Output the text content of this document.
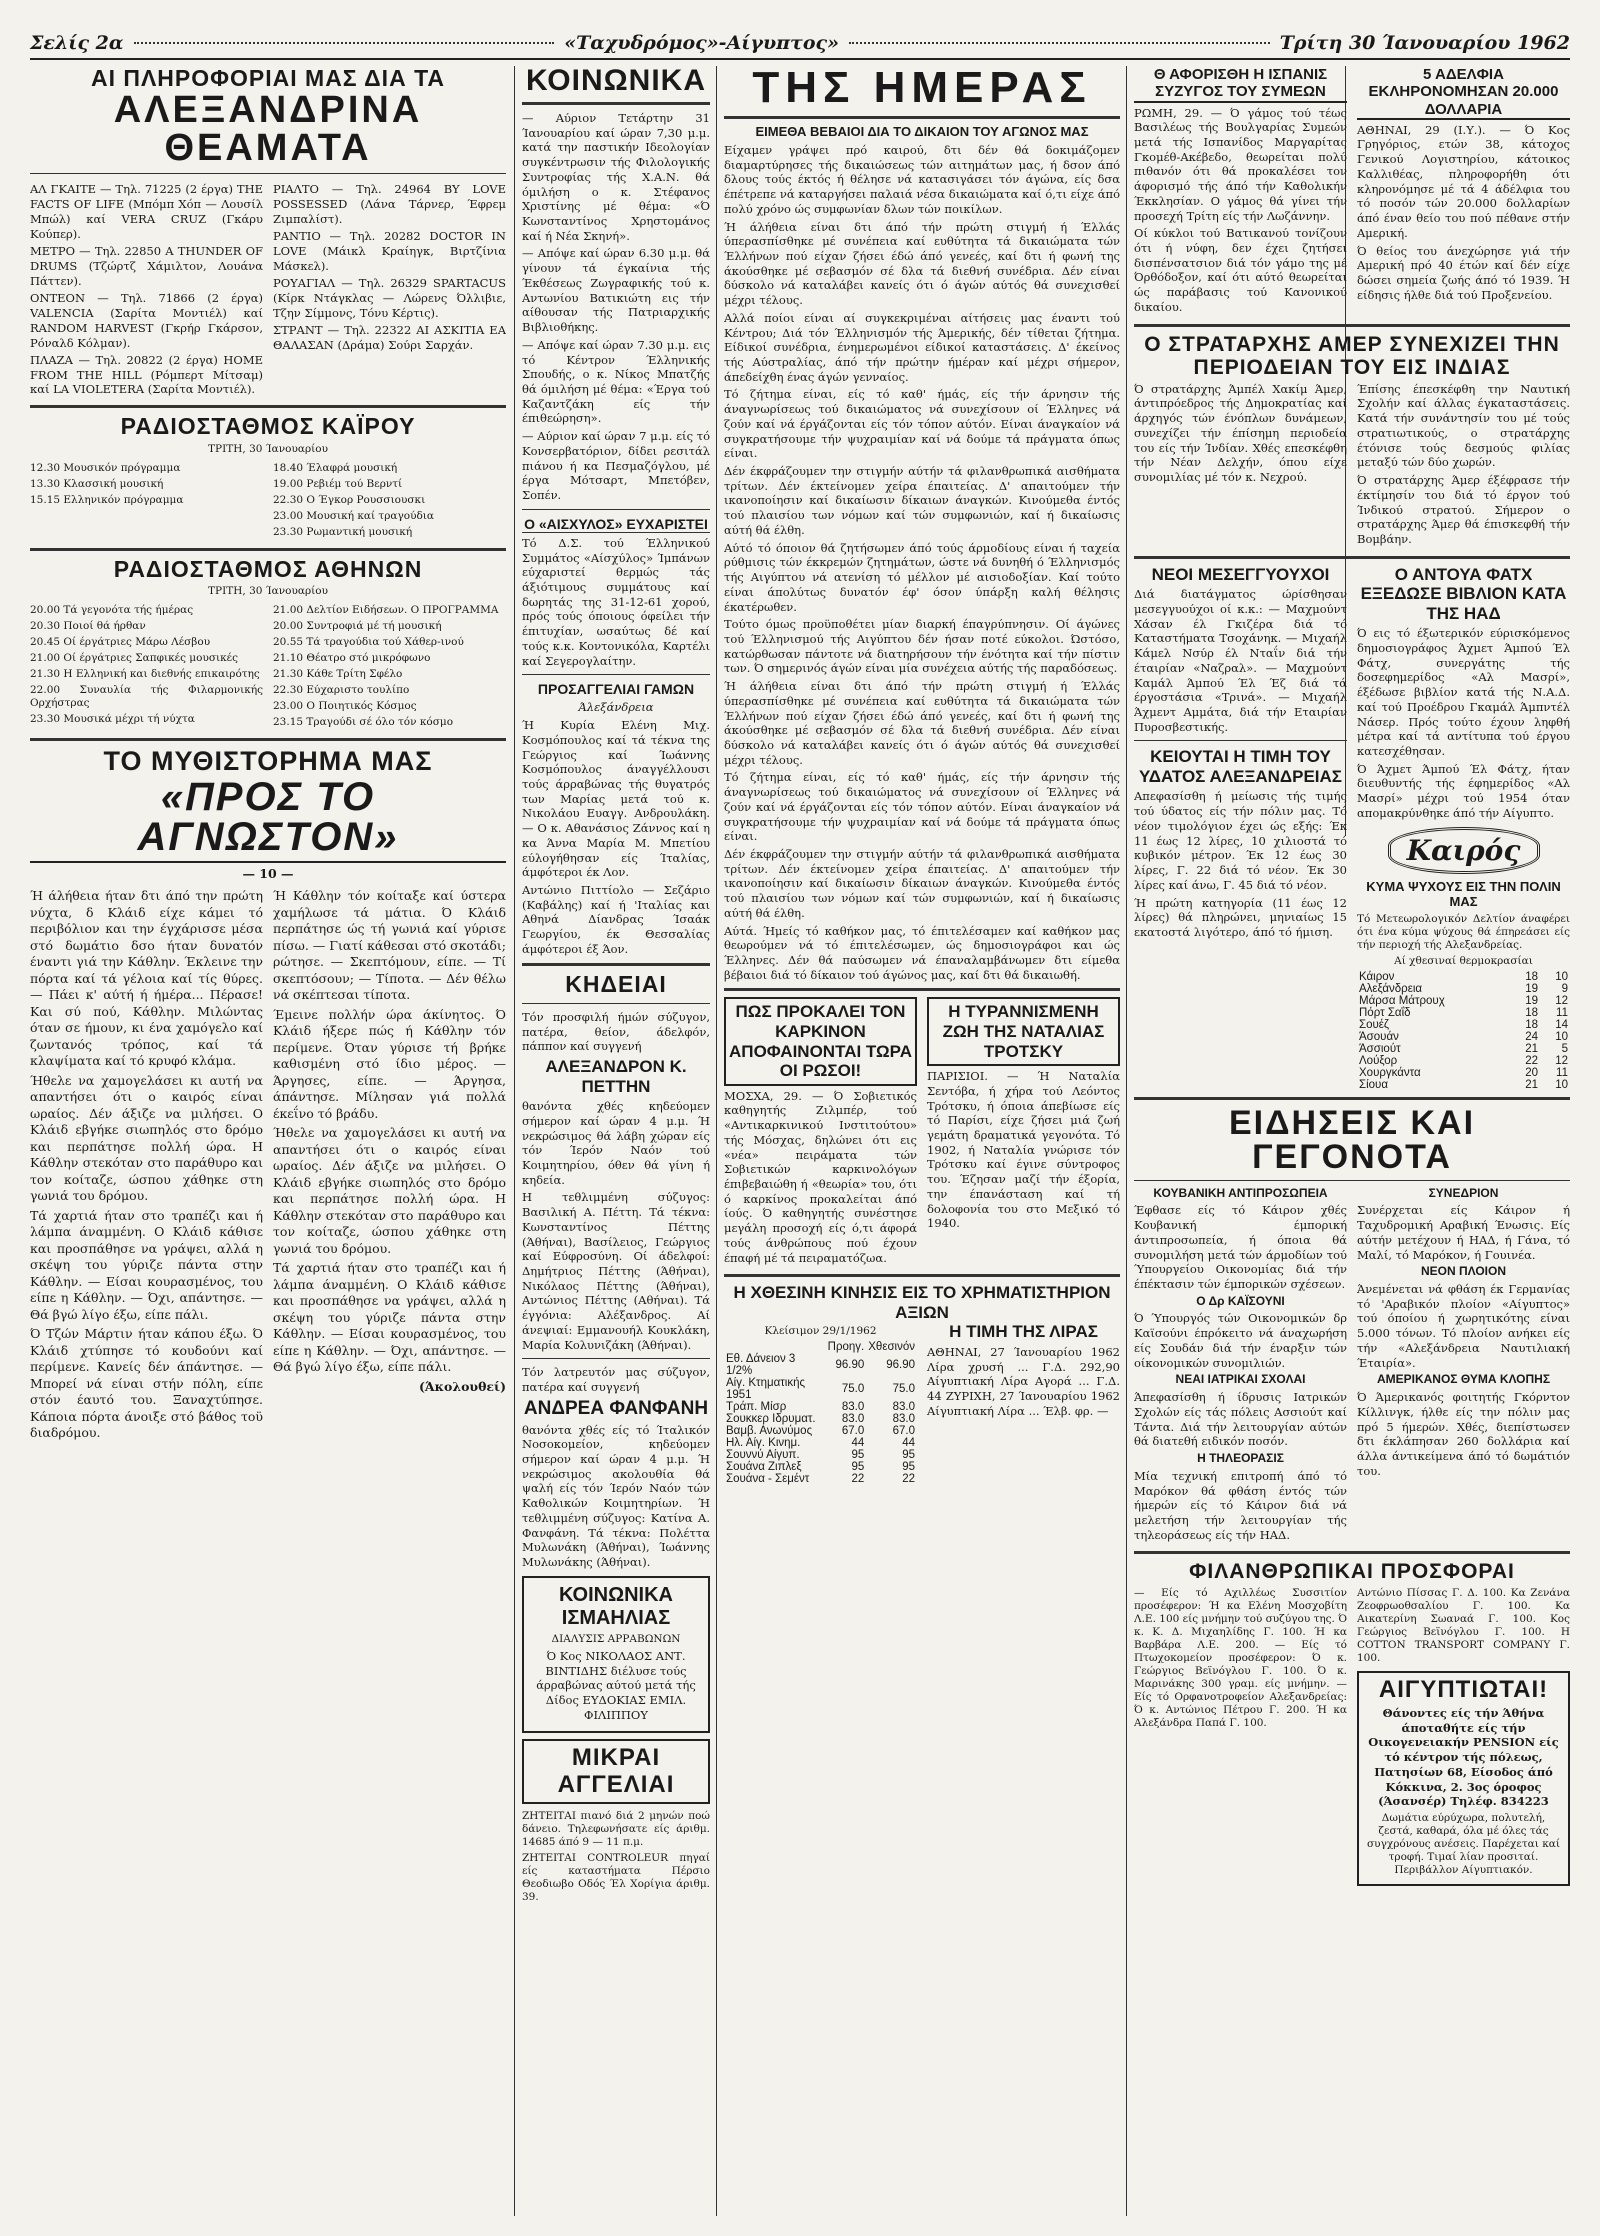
Σελίς 2α	«Ταχυδρόμος»-Αίγυπτος»	Τρίτη 30 Ίανουαρίου 1962
ΑΙ ΠΛΗΡΟΦΟΡΙΑΙ ΜΑΣ ΔΙΑ ΤΑ
ΑΛΕΞΑΝΔΡΙΝΑ ΘΕΑΜΑΤΑ

ΑΛ ΓΚΑΙΤΕ — Τηλ. 71225 (2 έργα) THE FACTS OF LIFE (Μπόμπ Χόπ — Λουσίλ Μπώλ) καί VERA CRUZ (Γκάρυ Κούπερ).

ΜΕΤΡΟ — Τηλ. 22850 A THUNDER OF DRUMS (Τζώρτζ Χάμιλτον, Λουάνα Πάττεν).

ΟΝΤΕΟΝ — Τηλ. 71866 (2 έργα) VALENCIA (Σαρίτα Μοντιέλ) καί RANDOM HARVEST (Γκρήρ Γκάρσον, Ρόναλδ Κόλμαν).

ΠΛΑΖΑ — Τηλ. 20822 (2 έργα) HOME FROM THE HILL (Ρόμπερτ Μίτσαμ) καί LA VIOLETERA (Σαρίτα Μοντιέλ).

ΡΙΑΛΤΟ — Τηλ. 24964 BY LOVE POSSESSED (Λάνα Τάρνερ, Έφρεμ Ζιμπαλίστ).

ΡΑΝΤΙΟ — Τηλ. 20282 DOCTOR IN LOVE (Μάικλ Κραίηγκ, Βιρτζίνια Μάσκελ).

ΡΟΥΑΓΙΑΛ — Τηλ. 26329 SPARTACUS (Κίρκ Ντάγκλας — Λώρενς Όλλιβιε, Τζην Σίμμονς, Τόνυ Κέρτις).

ΣΤΡΑΝΤ — Τηλ. 22322 ΑΙ ΑΣΚΙΤΙΑ ΕΑ ΘΑΛΑΣΑΝ (Δράμα) Σούρι Σαρχάν.

ΡΑΔΙΟΣΤΑΘΜΟΣ ΚΑΪΡΟΥ

ΤΡΙΤΗ, 30 Ίανουαρίου

12.30 Μουσικόν πρόγραμμα

13.30 Κλασσική μουσική

15.15 Ελληνικόν πρόγραμμα

18.40 Έλαφρά μουσική

19.00 Ρεβιέμ τού Βερντί

22.30 Ο Έγκορ Ρουσσιουσκι

23.00 Μουσική καί τραγούδια

23.30 Ρωμαντική μουσική

ΡΑΔΙΟΣΤΑΘΜΟΣ ΑΘΗΝΩΝ

ΤΡΙΤΗ, 30 Ίανουαρίου

20.00 Τά γεγονότα τής ήμέρας

20.30 Ποιοί θά ήρθαν

20.45 Οί έργάτριες Μάρω Λέσβου

21.00 Οί έργάτριες Σαπφικές μουσικές

21.30 Η Ελληνική και διεθνής επικαιρότης

22.00 Συναυλία τής Φιλαρμονικής Ορχήστρας

23.30 Μουσικά μέχρι τή νύχτα

21.00 Δελτίον Ειδήσεων. Ο ΠΡΟΓΡΑΜΜΑ

20.00 Συντροφιά μέ τή μουσική

20.55 Τά τραγούδια τού Χάθερ-ινού

21.10 Θέατρο στό μικρόφωνο

21.30 Κάθε Τρίτη Σφέλο

22.30 Εύχαριστο τουλίπο

23.00 Ο Ποιητικός Κόσμος

23.15 Τραγούδι σέ όλο τόν κόσμο

ΤΟ ΜΥΘΙΣΤΟΡΗΜΑ ΜΑΣ
«ΠΡΟΣ ΤΟ ΑΓΝΩΣΤΟΝ»

— 10 —

Ή άλήθεια ήταν δτι άπό την πρώτη νύχτα, δ Κλάιδ είχε κάμει τό περιβόλιον και την έγχάρισσε μέσα στό δωμάτιο δσο ήταν δυνατόν έναντι γιά την Κάθλην. Έκλεινε την πόρτα καί τά γέλοια καί τίς θύρες. — Πάει κ' αύτή ή ήμέρα... Πέρασε! Και σύ πού, Κάθλην. Μιλώντας όταν σε ήμουν, κι ένα χαμόγελο καί ζωντανός τρόπος, καί τά κλαψίματα καί τό κρυφό κλάμα.

Ήθελε να χαμογελάσει κι αυτή να απαντήσει ότι ο καιρός είναι ωραίος. Δέν άξιζε να μιλήσει. Ο Κλάιδ εβγήκε σιωπηλός στο δρόμο και περπάτησε πολλή ώρα. Η Κάθλην στεκόταν στο παράθυρο και τον κοίταζε, ώσπου χάθηκε στη γωνιά του δρόμου.

Τά χαρτιά ήταν στο τραπέζι και ή λάμπα άναμμένη. Ο Κλάιδ κάθισε και προσπάθησε να γράψει, αλλά η σκέψη του γύριζε πάντα στην Κάθλην. — Είσαι κουρασμένος, του είπε η Κάθλην. — Όχι, απάντησε. — Θά βγώ λίγο έξω, είπε πάλι.

Ό Τζών Μάρτιν ήταν κάπου έξω. Ό Κλάιδ χτύπησε τό κουδούνι καί περίμενε. Κανείς δέν άπάντησε. — Μπορεί νά είναι στήν πόλη, είπε στόν έαυτό του. Ξαναχτύπησε. Κάποια πόρτα άνοιξε στό βάθος τοϋ διαδρόμου.

Ή Κάθλην τόν κοίταξε καί ύστερα χαμήλωσε τά μάτια. Ό Κλάιδ περπάτησε ώς τή γωνιά καί γύρισε πίσω. — Γιατί κάθεσαι στό σκοτάδι; ρώτησε. — Σκεπτόμουν, είπε. — Τί σκεπτόσουν; — Τίποτα. — Δέν θέλω νά σκέπτεσαι τίποτα.

Έμεινε πολλήν ώρα άκίνητος. Ό Κλάιδ ήξερε πώς ή Κάθλην τόν περίμενε. Όταν γύρισε τή βρήκε καθισμένη στό ίδιο μέρος. — Άργησες, είπε. — Άργησα, άπάντησε. Μίλησαν γιά πολλά έκεΐνο τό βράδυ.

Ήθελε να χαμογελάσει κι αυτή να απαντήσει ότι ο καιρός είναι ωραίος. Δέν άξιζε να μιλήσει. Ο Κλάιδ εβγήκε σιωπηλός στο δρόμο και περπάτησε πολλή ώρα. Η Κάθλην στεκόταν στο παράθυρο και τον κοίταζε, ώσπου χάθηκε στη γωνιά του δρόμου.

Τά χαρτιά ήταν στο τραπέζι και ή λάμπα άναμμένη. Ο Κλάιδ κάθισε και προσπάθησε να γράψει, αλλά η σκέψη του γύριζε πάντα στην Κάθλην. — Είσαι κουρασμένος, του είπε η Κάθλην. — Όχι, απάντησε. — Θά βγώ λίγο έξω, είπε πάλι.

(Άκολουθεί)

ΚΟΙΝΩΝΙΚΑ

— Αύριον Τετάρτην 31 Ίανουαρίου καί ώραν 7,30 μ.μ. κατά την παστικήν Ιδεολογίαν συγκέντρωσιν τής Φιλολογικής Συντροφίας τής Χ.Α.Ν. θά όμιλήση ο κ. Στέφανος Χριστίνης μέ θέμα: «Ό Κωνσταντίνος Χρηστομάνος καί ή Νέα Σκηνή».

— Απόψε καί ώραν 6.30 μ.μ. θά γίνουν τά έγκαίνια τής Έκθέσεως Ζωγραφικής τού κ. Αντωνίου Βατικιώτη εις τήν αίθουσαν τής Πατριαρχικής Βιβλιοθήκης.

— Απόψε καί ώραν 7.30 μ.μ. εις τό Κέντρον Έλληνικής Σπουδής, ο κ. Νίκος Μπατζής θά όμιλήση μέ θέμα: «Έργα τού Καζαντζάκη είς τήν έπιθεώρηση».

— Αύριον καί ώραν 7 μ.μ. είς τό Κονσερβατόριον, δίδει ρεσιτάλ πιάνου ή κα Πεσμαζόγλου, μέ έργα Μότσαρτ, Μπετόβεν, Σοπέν.

Ο «ΑΙΣΧΥΛΟΣ» ΕΥΧΑΡΙΣΤΕΙ

Τό Δ.Σ. τού Έλληνικού Συμμάτος «Αίσχύλος» Ίμπάνων εύχαριστεί θερμώς τάς άξιότιμους συμμάτους καί δωρητάς της 31-12-61 χορού, πρός τούς όποιους όφείλει τήν έπιτυχίαν, ωσαύτως δέ καί τούς κ.κ. Κοντονικόλα, Καρτέλι καί Σεγερογλαίτην.

ΠΡΟΣΑΓΓΕΛΙΑΙ ΓΑΜΩΝ

Άλεξάνδρεια

Ή Κυρία Ελένη Μιχ. Κοσμόπουλος καί τά τέκνα της Γεώργιος καί Ίωάννης Κοσμόπουλος άναγγέλλουσι τούς άρραβώνας τής θυγατρός των Μαρίας μετά τού κ. Νικολάου Ευαγγ. Ανδρουλάκη. — Ο κ. Αθανάσιος Ζάννος καί η κα Άννα Μαρία Μ. Μπετίου εύλογήθησαν είς Ίταλίας, άμφότεροι έκ Λον.

Αντώνιο Πιττίολο — Σεζάριο (Καβάλης) καί ή 'Ιταλίας και Αθηνά Δίανδρας Ίσαάκ Γεωργίου, έκ Θεσσαλίας άμφότεροι έξ Άον.

ΚΗΔΕΙΑΙ

Τόν προσφιλή ήμών σύζυγον, πατέρα, θείον, άδελφόν, πάππον καί συγγενή

ΑΛΕΞΑΝΔΡΟΝ Κ. ΠΕΤΤΗΝ

θανόντα χθές κηδεύομεν σήμερον καί ώραν 4 μ.μ. Ή νεκρώσιμος θά λάβη χώραν είς τόν Ίερόν Ναόν τού Κοιμητηρίου, όθεν θά γίνη ή κηδεία.

Η τεθλιμμένη σύζυγος: Βασιλική Α. Πέττη. Τά τέκνα: Κωνσταντίνος Πέττης (Άθήναι), Βασίλειος, Γεώργιος καί Εύφροσύνη. Οί άδελφοί: Δημήτριος Πέττης (Άθήναι), Νικόλαος Πέττης (Άθήναι), Αντώνιος Πέττης (Αθήναι). Τά έγγόνια: Αλέξανδρος. Αί άνεψιαί: Εμμανουήλ Κουκλάκη, Μαρία Κολυνιζάκη (Άθήναι).

Τόν λατρευτόν μας σύζυγον, πατέρα καί συγγενή

ΑΝΔΡΕΑ ΦΑΝΦΑΝΗ

θανόντα χθές είς τό Ίταλικόν Νοσοκομείον, κηδεύομεν σήμερον καί ώραν 4 μ.μ. Ή νεκρώσιμος ακολουθία θά ψαλή είς τόν Ίερόν Ναόν τών Καθολικών Κοιμητηρίων. Ή τεθλιμμένη σύζυγος: Κατίνα Α. Φανφάνη. Τά τέκνα: Πολέττα Μυλωνάκη (Άθήναι), Ίωάννης Μυλωνάκης (Άθήναι).

ΚΟΙΝΩΝΙΚΑ ΙΣΜΑΗΛΙΑΣ

ΔΙΑΛΥΣΙΣ ΑΡΡΑΒΩΝΩΝ

Ό Κος ΝΙΚΟΛΑΟΣ ΑΝΤ. ΒΙΝΤΙΔΗΣ διέλυσε τούς άρραβώνας αύτού μετά τής Δίδος ΕΥΔΟΚΙΑΣ ΕΜΙΛ. ΦΙΛΙΠΠΟΥ

ΜΙΚΡΑΙ ΑΓΓΕΛΙΑΙ

ΖΗΤΕΙΤΑΙ πιανό διά 2 μηνών ποώ δάνειο. Τηλεφωνήσατε είς άριθμ. 14685 άπό 9 — 11 π.μ.

ΖΗΤΕΙΤΑΙ CONTROLEUR πηγαί είς καταστήματα Πέρσιο Θεοδιωβο Οδός Έλ Χορίγια άριθμ. 39.

ΤΗΣ ΗΜΕΡΑΣ
ΕΙΜΕΘΑ ΒΕΒΑΙΟΙ ΔΙΑ ΤΟ ΔΙΚΑΙΟΝ ΤΟΥ ΑΓΩΝΟΣ ΜΑΣ

Είχαμεν γράψει πρό καιρού, δτι δέν θά δοκιμάζομεν διαμαρτύρησες τής δικαιώσεως τών αιτημάτων μας, ή δσον άπό δλους τούς έκτός ή θέλησε νά κατασιγάσει τόν άγώνα, είς δσα έπέτρεπε νά καταργήσει παλαιά νέσα δικαιώματα καί ό,τι είχε άπό πολύ χρόνο ώς συμφωνίαν δλων τών ποικίλων.

Ή άλήθεια είναι δτι άπό τήν πρώτη στιγμή ή Έλλάς ύπερασπίσθηκε μέ συνέπεια καί ευθύτητα τά δικαιώματα τών Έλλήνων πού είχαν ζήσει έδώ άπό γενεές, καί δτι ή φωνή της άκούσθηκε μέ σεβασμόν σέ δλα τά διεθνή συνέδρια. Δέν είναι δύσκολο νά καταλάβει κανείς ότι ό άγών αύτός θά συνεχισθεί μέχρι τέλους.

Αλλά ποίοι είναι αί συγκεκριμέναι αίτήσεις μας έναντι τού Κέντρου; Διά τόν Έλληνισμόν τής Άμερικής, δέν τίθεται ζήτημα. Είδικοί συνέδρια, ένημερωμένοι είδικοί καταστάσεις. Δ' έκείνος τής Αύστραλίας, άπό τήν πρώτην ήμέραν καί μέχρι σήμερον, άπεδείχθη ένας άγών γενναίος.

Τό ζήτημα είναι, είς τό καθ' ήμάς, είς τήν άρνησιν τής άναγνωρίσεως τού δικαιώματος νά συνεχίσουν οί Έλληνες νά ζούν καί νά έργάζονται είς τόν τόπον αύτόν. Είναι άναγκαίον νά συγκρατήσουμε τήν ψυχραιμίαν καί νά δούμε τά πράγματα όπως είναι.

Δέν έκφράζουμεν την στιγμήν αύτήν τά φιλανθρωπικά αισθήματα τρίτων. Δέν έκτείνομεν χείρα έπαιτείας. Δ' απαιτούμεν τήν ικανοποίησιν καί δικαίωσιν δίκαιων άναγκών. Κινούμεθα έντός τού πλαισίου των νόμων καί τών συμφωνιών, καί ή δικαίωσις αύτή θά έλθη.

Αύτό τό όποιον θά ζητήσωμεν άπό τούς άρμοδίους είναι ή ταχεία ρύθμισις τών έκκρεμών ζητημάτων, ώστε νά δυνηθή ό Έλληνισμός τής Αιγύπτου νά ατενίση τό μέλλον μέ αισιοδοξίαν. Καί τούτο είναι άπολύτως δυνατόν έφ' όσον ύπάρξη καλή θέλησις έκατέρωθεν.

Τούτο όμως προϋποθέτει μίαν διαρκή έπαγρύπνησιν. Οί άγώνες τού Έλληνισμού τής Αιγύπτου δέν ήσαν ποτέ εύκολοι. Ώστόσο, κατώρθωσαν πάντοτε νά διατηρήσουν τήν ένότητα καί τήν πίστιν των. Ό σημερινός άγών είναι μία συνέχεια αύτής τής παραδόσεως.

Ή άλήθεια είναι δτι άπό τήν πρώτη στιγμή ή Έλλάς ύπερασπίσθηκε μέ συνέπεια καί ευθύτητα τά δικαιώματα τών Έλλήνων πού είχαν ζήσει έδώ άπό γενεές, καί δτι ή φωνή της άκούσθηκε μέ σεβασμόν σέ δλα τά διεθνή συνέδρια. Δέν είναι δύσκολο νά καταλάβει κανείς ότι ό άγών αύτός θά συνεχισθεί μέχρι τέλους.

Τό ζήτημα είναι, είς τό καθ' ήμάς, είς τήν άρνησιν τής άναγνωρίσεως τού δικαιώματος νά συνεχίσουν οί Έλληνες νά ζούν καί νά έργάζονται είς τόν τόπον αύτόν. Είναι άναγκαίον νά συγκρατήσουμε τήν ψυχραιμίαν καί νά δούμε τά πράγματα όπως είναι.

Δέν έκφράζουμεν την στιγμήν αύτήν τά φιλανθρωπικά αισθήματα τρίτων. Δέν έκτείνομεν χείρα έπαιτείας. Δ' απαιτούμεν τήν ικανοποίησιν καί δικαίωσιν δίκαιων άναγκών. Κινούμεθα έντός τού πλαισίου των νόμων καί τών συμφωνιών, καί ή δικαίωσις αύτή θά έλθη.

Αύτά. Ήμείς τό καθήκον μας, τό έπιτελέσαμεν καί καθήκον μας θεωρούμεν νά τό έπιτελέσωμεν, ώς δημοσιογράφοι και ώς Έλληνες. Δέν θά παύσωμεν νά έπαναλαμβάνωμεν δτι είμεθα βέβαιοι διά τό δίκαιον τού άγώνος μας, καί δτι θά δικαιωθή.

ΠΩΣ ΠΡΟΚΑΛΕΙ ΤΟΝ ΚΑΡΚΙΝΟΝ ΑΠΟΦΑΙΝΟΝΤΑΙ ΤΩΡΑ ΟΙ ΡΩΣΟΙ!

ΜΟΣΧΑ, 29. — Ό Σοβιετικός καθηγητής Ζιλμπέρ, τού «Αντικαρκινικού Ινστιτούτου» τής Μόσχας, δηλώνει ότι εις «νέα» πειράματα τών Σοβιετικών καρκινολόγων έπιβεβαιώθη ή «θεωρία» του, ότι ό καρκίνος προκαλείται άπό ίούς. Ό καθηγητής συνέστησε μεγάλη προσοχή είς ό,τι άφορά τούς άνθρώπους πού έχουν έπαφή μέ τά πειραματόζωα.

Η ΤΥΡΑΝΝΙΣΜΕΝΗ ΖΩΗ ΤΗΣ ΝΑΤΑΛΙΑΣ ΤΡΟΤΣΚΥ

ΠΑΡΙΣΙΟΙ. — Ή Ναταλία Σεντόβα, ή χήρα τού Λεόντος Τρότσκυ, ή όποια άπεβίωσε είς τό Παρίσι, είχε ζήσει μιά ζωή γεμάτη δραματικά γεγονότα. Τό 1902, ή Ναταλία γνώρισε τόν Τρότσκυ καί έγινε σύντροφος του. Έζησαν μαζί τήν έξορία, την έπανάσταση καί τή δολοφονία του στο Μεξικό τό 1940.

Η ΧΘΕΣΙΝΗ ΚΙΝΗΣΙΣ ΕΙΣ ΤΟ ΧΡΗΜΑΤΙΣΤΗΡΙΟΝ ΑΞΙΩΝ

Κλείσιμον 29/1/1962

	Προηγ.	Χθεσινόν
Εθ. Δάνειον 3 1/2%	96.90	96.90
Αίγ. Κτηματικής 1951	75.0	75.0
Τράπ. Μίσρ	83.0	83.0
Σουκκερ Ιδρυματ.	83.0	83.0
Βαμβ. Ανωνύμος	67.0	67.0
Ηλ. Αίγ. Κινημ.	44	44
Σουννύ Αίγυπ.	95	95
Σουάνα Ζιπλεξ	95	95
Σουάνα - Σεμέντ	22	22
Η ΤΙΜΗ ΤΗΣ ΛΙΡΑΣ

ΑΘΗΝΑΙ, 27 Ίανουαρίου 1962 Λίρα χρυσή ... Γ.Δ. 292,90 Αίγυπτιακή Λίρα Αγορά ... Γ.Δ. 44 ΖΥΡΙΧΗ, 27 Ίανουαρίου 1962 Αίγυπτιακή Λίρα ... Έλβ. φρ. —

Θ ΑΦΟΡΙΣΘΗ Η ΙΣΠΑΝΙΣ ΣΥΖΥΓΟΣ ΤΟΥ ΣΥΜΕΩΝ

ΡΩΜΗ, 29. — Ό γάμος τού τέως Βασιλέως τής Βουλγαρίας Συμεών μετά τής Ισπανίδος Μαργαρίτας Γκομέθ-Ακέβεδο, θεωρείται πολύ πιθανόν ότι θά προκαλέσει τον άφορισμό τής άπό τήν Καθολικήν Έκκλησίαν. Ο γάμος θά γίνει τήν προσεχή Τρίτη είς τήν Λωζάννην.

Οί κύκλοι τού Βατικανού τονίζουν ότι ή νύφη, δεν έχει ζητήσει δισπένσατσιον διά τόν γάμο της μέ Όρθόδοξον, καί ότι αύτό θεωρείται ώς παράβασις τού Κανονικού δικαίου.

5 ΑΔΕΛΦΙΑ ΕΚΛΗΡΟΝΟΜΗΣΑΝ 20.000 ΔΟΛΛΑΡΙΑ

ΑΘΗΝΑΙ, 29 (Ι.Υ.). — Ό Κος Γρηγόριος, ετών 38, κάτοχος Γενικού Λογιστηρίου, κάτοικος Καλλιθέας, πληροφορήθη ότι κληρονόμησε μέ τά 4 άδέλφια του τό ποσόν τών 20.000 δολλαρίων άπό έναν θείο του πού πέθανε στήν Αμερική.

Ό θείος του άνεχώρησε γιά τήν Αμερική πρό 40 έτών καί δέν είχε δώσει σημεία ζωής άπό τό 1939. Ή είδησις ήλθε διά τού Προξενείου.

Ο ΣΤΡΑΤΑΡΧΗΣ ΑΜΕΡ ΣΥΝΕΧΙΖΕΙ ΤΗΝ ΠΕΡΙΟΔΕΙΑΝ ΤΟΥ ΕΙΣ ΙΝΔΙΑΣ

Ό στρατάρχης Άμπέλ Χακίμ Άμερ, άντιπρόεδρος τής Δημοκρατίας καί άρχηγός τών ένόπλων δυνάμεων, συνεχίζει τήν έπίσημη περιοδεία του είς τήν Ίνδίαν. Χθές επεσκέφθη τήν Νέαν Δελχήν, όπου είχε συνομιλίας μέ τόν κ. Νεχρού.

Έπίσης έπεσκέφθη την Ναυτική Σχολήν καί άλλας έγκαταστάσεις. Κατά τήν συνάντησίν του μέ τούς στρατιωτικούς, ο στρατάρχης έτόνισε τούς δεσμούς φιλίας μεταξύ τών δύο χωρών.

Ό στρατάρχης Άμερ έξέφρασε τήν έκτίμησίν του διά τό έργον τού Ίνδικού στρατού. Σήμερον ο στρατάρχης Άμερ θά έπισκεφθή τήν Βομβάην.

ΝΕΟΙ ΜΕΣΕΓΓΥΟΥΧΟΙ

Διά διατάγματος ώρίσθησαν μεσεγγυούχοι οί κ.κ.: — Μαχμούντ Χάσαν έλ Γκιζέρα διά τό Καταστήματα Τσοχάνηκ. — Μιχαήλ Κάμελ Νσύρ έλ Νταΐν διά τήν έταιρίαν «Ναζραλ». — Μαχμούντ Καμάλ Άμπού Έλ Έζ διά τά έργοστάσια «Τρινά». — Μιχαήλ Άχμεντ Αμμάτα, διά τήν Εταιρίαν Πυροσβεστικής.

ΚΕΙΟΥΤΑΙ Η ΤΙΜΗ ΤΟΥ ΥΔΑΤΟΣ ΑΛΕΞΑΝΔΡΕΙΑΣ

Απεφασίσθη ή μείωσις τής τιμής τού ύδατος είς τήν πόλιν μας. Τό νέον τιμολόγιον έχει ώς εξής: Έκ 11 έως 12 λίρες, 10 χιλιοστά τό κυβικόν μέτρον. Έκ 12 έως 30 λίρες, Γ. 22 διά τό νέον. Έκ 30 λίρες καί άνω, Γ. 45 διά τό νέον.

Ή πρώτη κατηγορία (11 έως 12 λίρες) θά πληρώνει, μηνιαίως 15 εκατοστά λιγότερο, άπό τό ήμιση.

Ο ΑΝΤΟΥΑ ΦΑΤΧ ΕΞΕΔΩΣΕ ΒΙΒΛΙΟΝ ΚΑΤΑ ΤΗΣ ΗΑΔ

Ό εις τό έξωτερικόν εύρισκόμενος δημοσιογράφος Άχμετ Άμπού Έλ Φάτχ, συνεργάτης τής δοσεφημερίδος «Αλ Μασρί», έξέδωσε βιβλίον κατά τής Ν.Α.Δ. καί τού Προέδρου Γκαμάλ Άμπντέλ Νάσερ. Πρός τούτο έχουν ληφθή μέτρα καί τά αντίτυπα τού έργου κατεσχέθησαν.

Ό Άχμετ Άμπού Έλ Φάτχ, ήταν διευθυντής τής έφημερίδος «Αλ Μασρί» μέχρι τού 1954 όταν απομακρύνθηκε άπό τήν Αίγυπτο.

Καιρός
ΚΥΜΑ ΨΥΧΟΥΣ ΕΙΣ ΤΗΝ ΠΟΛΙΝ ΜΑΣ

Τό Μετεωρολογικόν Δελτίον άναφέρει ότι ένα κύμα ψύχους θά έπηρεάσει είς τήν περιοχή τής Αλεξανδρείας.

Αί χθεσιναί θερμοκρασίαι

Κάιρον	18	10
Αλεξάνδρεια	19	9
Μάρσα Μάτρουχ	19	12
Πόρτ Σαΐδ	18	11
Σουέζ	18	14
Άσουάν	24	10
Άσσιούτ	21	5
Λούξορ	22	12
Χουργκάντα	20	11
Σίουα	21	10
ΕΙΔΗΣΕΙΣ ΚΑΙ ΓΕΓΟΝΟΤΑ
ΚΟΥΒΑΝΙΚΗ ΑΝΤΙΠΡΟΣΩΠΕΙΑ

Έφθασε είς τό Κάιρον χθές Κουβανική έμπορική άντιπροσωπεία, ή όποια θά συνομιλήση μετά τών άρμοδίων τού Ύπουργείου Οικονομίας διά τήν έπέκτασιν τών έμπορικών σχέσεων.

Ο Δρ ΚΑΪΣΟΥΝΙ

Ό Ύπουργός τών Οικονομικών δρ Καϊσούνι έπρόκειτο νά άναχωρήση είς Σουδάν διά τήν έναρξιν τών οίκονομικών συνομιλιών.

ΝΕΑΙ ΙΑΤΡΙΚΑΙ ΣΧΟΛΑΙ

Άπεφασίσθη ή ίδρυσις Ιατρικών Σχολών είς τάς πόλεις Ασσιούτ καί Τάντα. Διά τήν λειτουργίαν αύτών θά διατεθή ειδικόν ποσόν.

Η ΤΗΛΕΟΡΑΣΙΣ

Μία τεχνική επιτροπή άπό τό Μαρόκον θά φθάση έντός τών ήμερών είς τό Κάιρον διά νά μελετήση τήν λειτουργίαν τής τηλεοράσεως είς τήν ΗΑΔ.

ΣΥΝΕΔΡΙΟΝ

Συνέρχεται είς Κάιρον ή Ταχυδρομική Αραβική Ένωσις. Είς αύτήν μετέχουν ή ΗΑΔ, ή Γάνα, τό Μαλί, τό Μαρόκον, ή Γουινέα.

ΝΕΟΝ ΠΛΟΙΟΝ

Άνεμένεται νά φθάση έκ Γερμανίας τό 'Αραβικόν πλοίον «Αίγυπτος» τού όποίου ή χωρητικότης είναι 5.000 τόνων. Τό πλοίον ανήκει είς τήν «Αλεξάνδρεια Ναυτιλιακή Έταιρία».

ΑΜΕΡΙΚΑΝΟΣ ΘΥΜΑ ΚΛΟΠΗΣ

Ό Άμερικανός φοιτητής Γκόρντον Κίλλινγκ, ήλθε είς την πόλιν μας πρό 5 ήμερών. Χθές, διεπίστωσεν δτι έκλάπησαν 260 δολλάρια καί άλλα άντικείμενα άπό τό δωμάτιόν του.

ΦΙΛΑΝΘΡΩΠΙΚΑΙ ΠΡΟΣΦΟΡΑΙ

— Είς τό Αχιλλέως Συσσιτίον προσέφερον: Ή κα Ελένη Μοσχοβίτη Λ.Ε. 100 είς μνήμην τού συζύγου της. Ό κ. Κ. Δ. Μιχαηλίδης Γ. 100. Ή κα Βαρβάρα Λ.Ε. 200. — Είς τό Πτωχοκομείον προσέφερον: Ό κ. Γεώργιος Βεϊνόγλου Γ. 100. Ό κ. Μαρινάκης 300 γραμ. είς μνήμην. — Είς τό Ορφανοτροφείον Αλεξανδρείας: Ό κ. Αντώνιος Πέτρου Γ. 200. Ή κα Αλεξάνδρα Παπά Γ. 100.

Αντώνιο Πίσσας Γ. Δ. 100. Κα Ζενάνα Ζεοφρωοθσαλίου Γ. 100. Κα Αικατερίνη Σωαναά Γ. 100. Κος Γεώργιος Βεϊνόγλου Γ. 100. Η COTTON TRANSPORT COMPANY Γ. 100.

ΑΙΓΥΠΤΙΩΤΑΙ!

Θάνοντες είς τήν Άθήνα άποταθήτε είς τήν Οικογενειακήν PENSION είς τό κέντρον τής πόλεως, Πατησίων 68, Είσοδος άπό Κόκκινα, 2. 3ος όροφος (Άσανσέρ) Τηλέφ. 834223

Δωμάτια εύρύχωρα, πολυτελή, ζεστά, καθαρά, όλα μέ όλες τάς συγχρόνους ανέσεις. Παρέχεται καί τροφή. Τιμαί λίαν προσιταί. Περιβάλλον Αίγυπτιακόν.
